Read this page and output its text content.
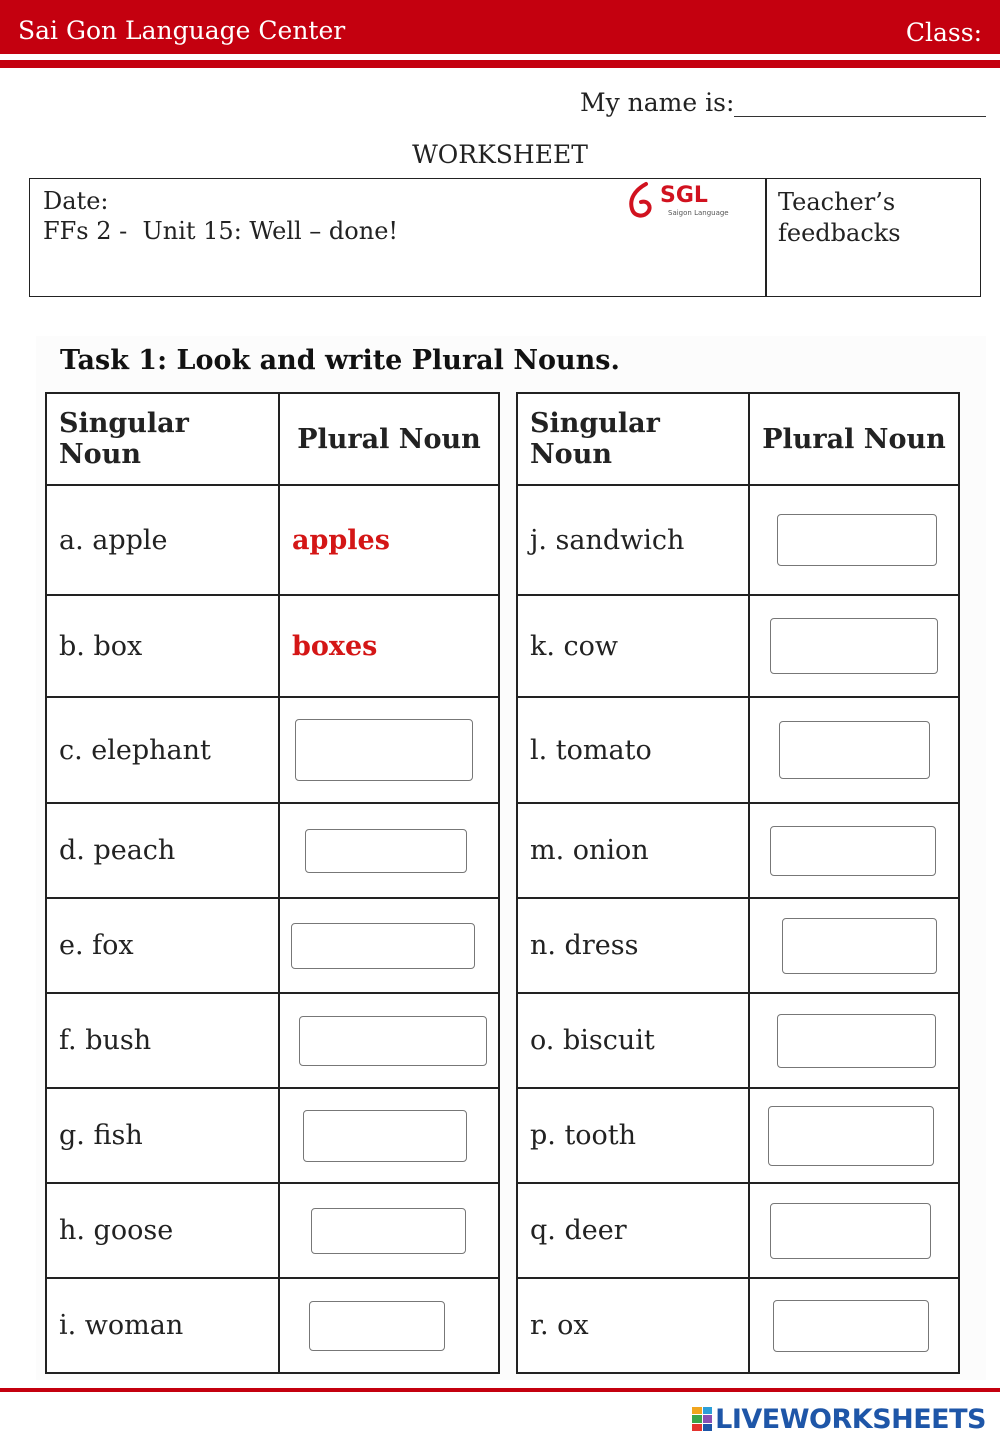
Sai Gon Language Center	Class:
My name is:
WORKSHEET
Date:
FFs 2 -  Unit 15: Well – done!
SGL
Saigon Language Teacher’s feedbacks
Task 1: Look and write Plural Nouns.
Singular Noun	Plural Noun
a. apple	apples
b. box	boxes
c. elephant	

d. peach	

e. fox	

f. bush	

g. fish	

h. goose	

i. woman	
Singular Noun	Plural Noun
j. sandwich	

k. cow	

l. tomato	

m. onion	

n. dress	

o. biscuit	

p. tooth	

q. deer	

r. ox	
LIVEWORKSHEETS
